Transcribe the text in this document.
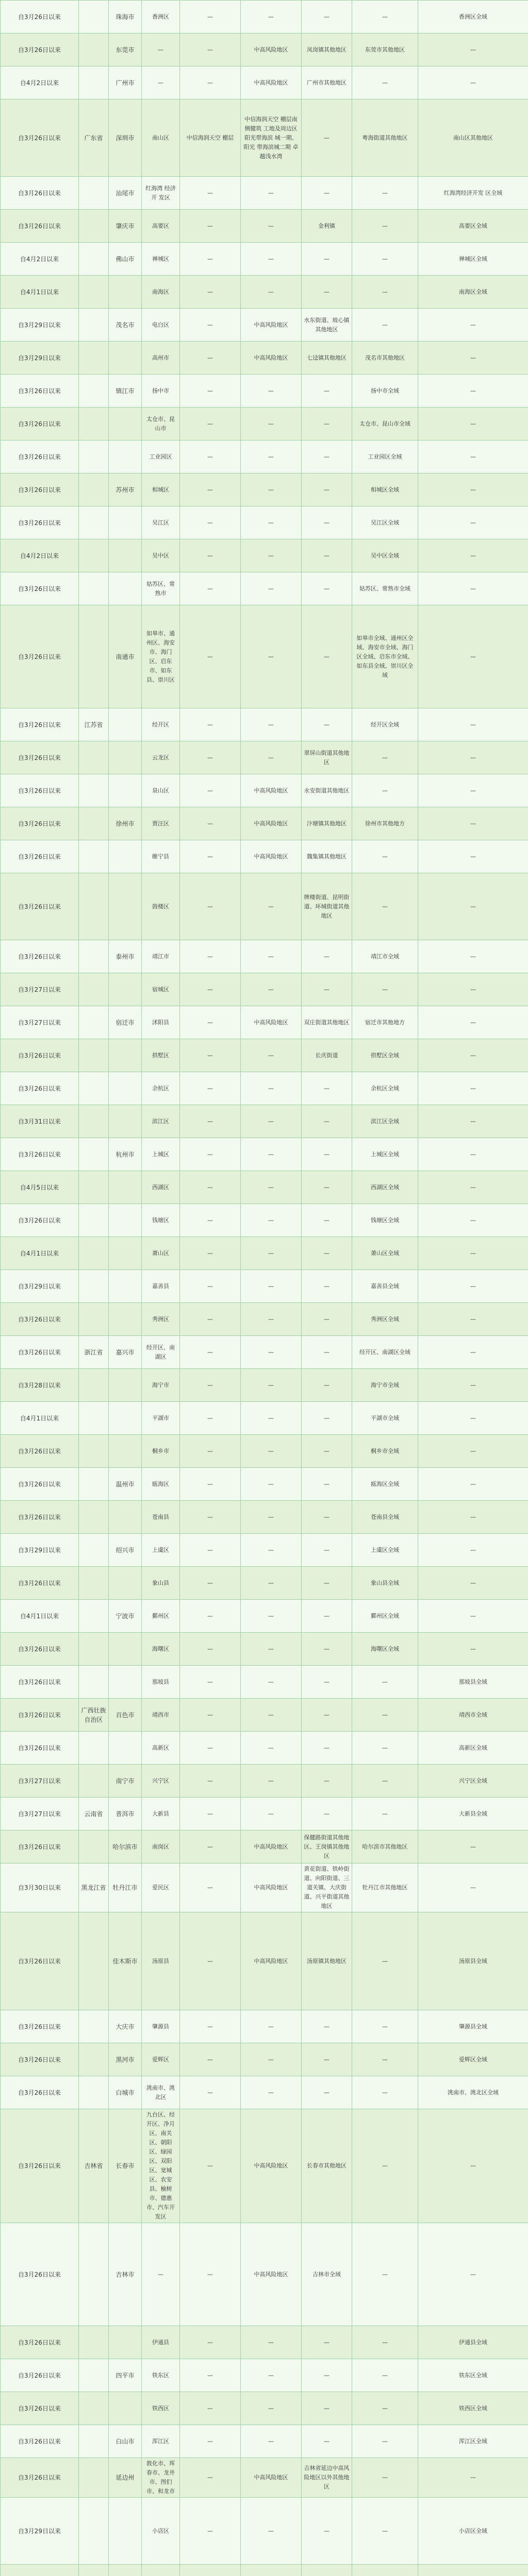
自3月26日以来		珠海市	香洲区	—	—	—	—	香洲区全域
自3月26日以来		东莞市	—	—	中高风险地区	凤岗镇其他地区	东莞市其他地区	—
自4月2日以来		广州市	—	—	中高风险地区	广州市其他地区	—	—
自3月26日以来	广东省	深圳市	南山区	中信海润天空 棚层	中信海润天空 棚层南侧健筑 工地及周边区 阳光带海滨 城一期、阳光 带海滨城二期 卓越浅水湾	—	粤海街道其他地区	南山区其他地区
自3月26日以来		汕尾市	红海湾 经济开 发区	—	—	—	—	红海湾经济开发 区全域
自3月26日以来		肇庆市	高要区	—	—	金利镇	—	高要区全域
自4月2日以来		佛山市	禅城区	—	—	—	—	禅城区全域
自4月1日以来			南海区	—	—	—	—	南海区全域
自3月29日以来		茂名市	电白区	—	中高风险地区	水东街道、坡心镇其他地区	—	—
自3月29日以来			高州市	—	中高风险地区	七迳镇其他地区	茂名市其他地区	—
自3月26日以来		镇江市	扬中市	—	—	—	扬中市全域	—
自3月26日以来			太仓市、昆山市	—	—	—	太仓市、昆山市全域	—
自3月26日以来			工业园区	—	—	—	工业园区全域	—
自3月26日以来		苏州市	相城区	—	—	—	相城区全域	—
自3月26日以来			吴江区	—	—	—	吴江区全域	—
自4月2日以来			吴中区	—	—	—	吴中区全域	—
自3月26日以来			姑苏区、常熟市	—	—	—	姑苏区、常熟市全域	—
自3月26日以来		南通市	如皋市、通州区、海安市、海门区、启东市、如东县、崇川区	—	—	—	如皋市全域、通州区全域、海安市全域、海门区全域、启东市全域、如东县全域、崇川区全域	—
自3月26日以来	江苏省		经开区	—	—	—	经开区全域	—
自3月26日以来			云龙区	—	—	翠屏山街道其他地区	—	—
自3月26日以来			泉山区	—	中高风险地区	永安街道其他地区	—	—
自3月26日以来		徐州市	贾汪区	—	中高风险地区	汴塘镇其他地区	徐州市其他地方	—
自3月26日以来			睢宁县	—	中高风险地区	魏集镇其他地区	—	—
自3月26日以来			鼓楼区	—	—	牌楼街道、昆明街道、环城街道其他地区	—	—
自3月26日以来		泰州市	靖江市	—	—	—	靖江市全域	—
自3月27日以来			宿城区	—	—	—	—	—
自3月27日以来		宿迁市	沭阳县	—	中高风险地区	双庄街道其他地区	宿迁市其他地方	—
自3月26日以来			拱墅区	—	—	长庆街道	拱墅区全域	—
自3月26日以来			余杭区	—	—	—	余杭区全域	—
自3月31日以来			滨江区	—	—	—	滨江区全域	—
自3月26日以来		杭州市	上城区	—	—	—	上城区全域	—
自4月5日以来			西湖区	—	—	—	西湖区全域	—
自3月26日以来			钱塘区	—	—	—	钱塘区全域	—
自4月1日以来			萧山区	—	—	—	萧山区全域	—
自3月29日以来			嘉善县	—	—	—	嘉善县全域	—
自3月26日以来			秀洲区	—	—	—	秀洲区全域	—
自3月26日以来	浙江省	嘉兴市	经开区、南湖区	—	—	—	经开区、南湖区全域	—
自3月28日以来			海宁市	—	—	—	海宁市全域	—
自4月1日以来			平湖市	—	—	—	平湖市全域	—
自3月26日以来			桐乡市	—	—	—	桐乡市全域	—
自3月26日以来		温州市	瓯海区	—	—	—	瓯海区全域	—
自3月26日以来			苍南县	—	—	—	苍南县全域	—
自3月29日以来		绍兴市	上虞区	—	—	—	上虞区全域	—
自3月26日以来			象山县	—	—	—	象山县全域	—
自4月1日以来		宁波市	鄞州区	—	—	—	鄞州区全域	—
自3月26日以来			海曙区	—	—	—	海曙区全域	—
自3月26日以来			那坡县	—	—	—	—	那坡县全域
自3月26日以来	广西壮族自治区	百色市	靖西市	—	—	—	—	靖西市全域
自3月26日以来			高新区	—	—	—	—	高新区全域
自3月27日以来		南宁市	兴宁区	—	—	—	—	兴宁区全域
自3月27日以来	云南省	普洱市	大新县	—	—	—	—	大新县全域
自3月26日以来		哈尔滨市	南岗区	—	中高风险地区	保健路街道其他地区、王岗镇其他地区	哈尔滨市其他地区	—
自3月30日以来	黑龙江省	牡丹江市	爱民区	—	中高风险地区	黄花街道、铁岭街道、向阳街道、三道关镇、大庆街道、兴平街道其他地区	牡丹江市其他地区	—
自3月26日以来		佳木斯市	汤原县	—	中高风险地区	汤原镇其他地区	—	汤原县全域
自3月26日以来		大庆市	肇源县	—	—	—	—	肇源县全域
自3月26日以来		黑河市	爱辉区	—	—	—	—	爱辉区全域
自3月26日以来		白城市	洮南市、洮北区	—	—	—	—	洮南市、洮北区全域
自3月26日以来	吉林省	长春市	九台区、经开区、净月区、南关区、朝阳区、绿园区、双阳区、宽城区、农安县、榆树市、德惠市、汽车开发区	—	中高风险地区	长春市其他地区	—	—
自3月26日以来		吉林市	—	—	中高风险地区	吉林市全域	—	—
自3月26日以来			伊通县	—	—	—	—	伊通县全域
自3月26日以来		四平市	铁东区	—	—	—	—	铁东区全域
自3月26日以来			铁西区	—	—	—	—	铁西区全域
自3月26日以来		白山市	浑江区	—	—	—	—	浑江区全域
自3月26日以来		延边州	敦化市、珲春市、龙井市、图们市、和龙市	—	中高风险地区	吉林省延边中高风险地区以外其他地区	—	—
自3月29日以来			小店区	—	—	—	—	小店区全域
